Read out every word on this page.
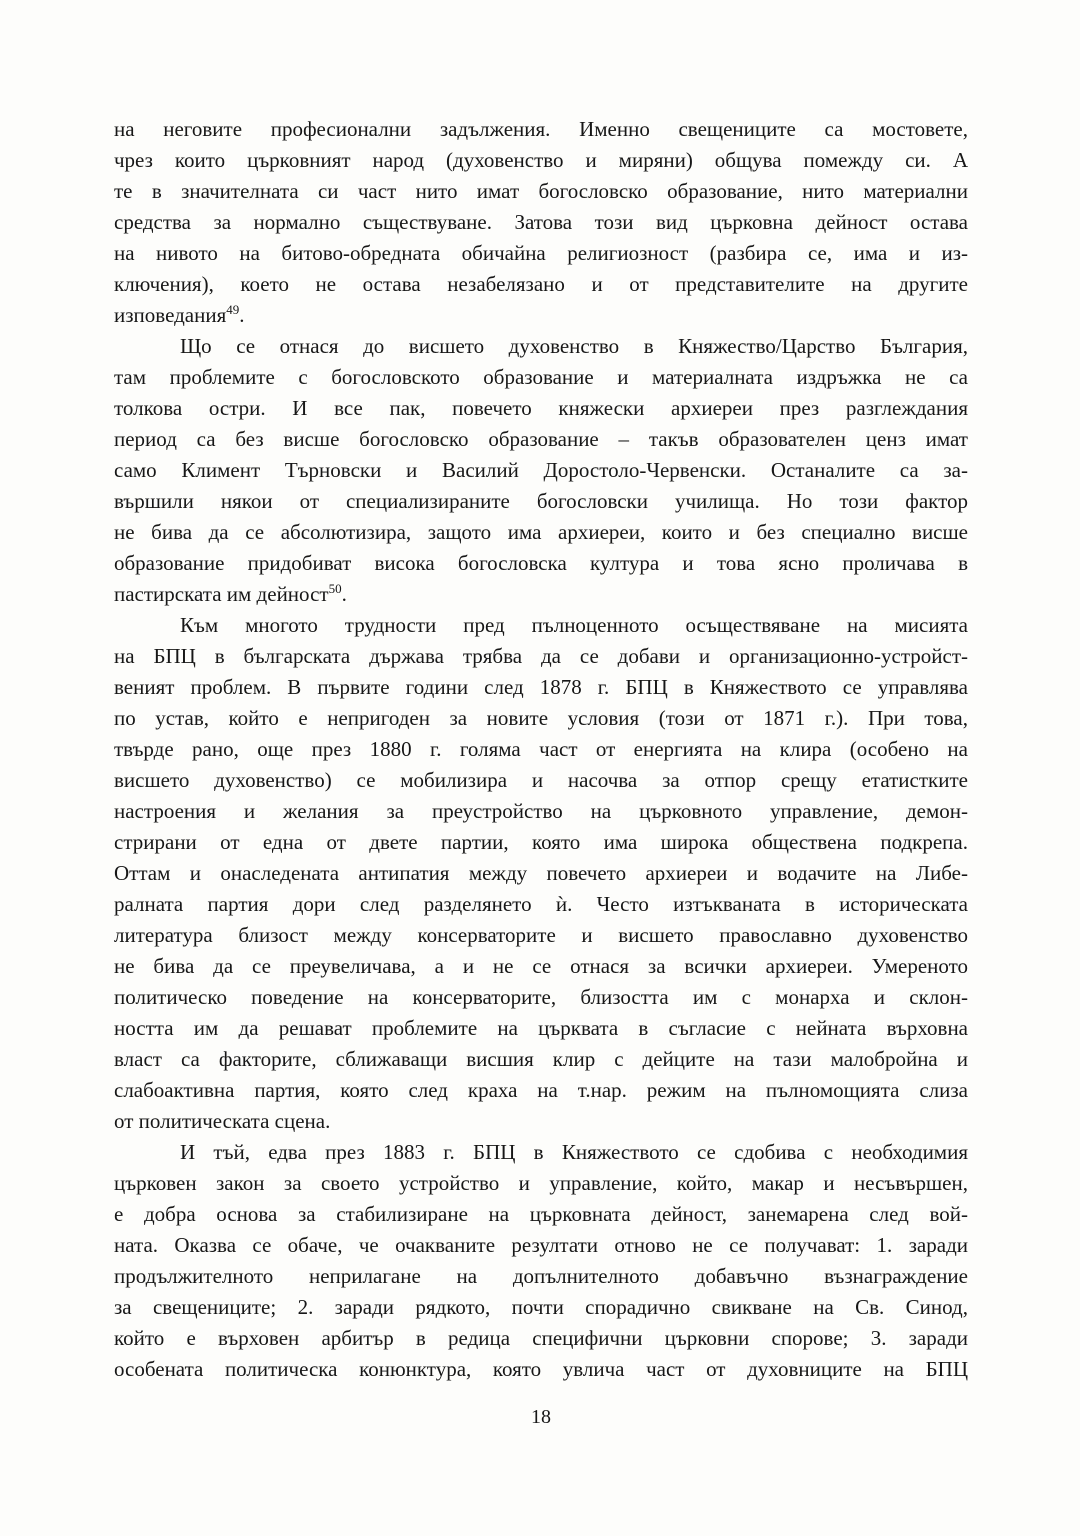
на неговите професионални задължения. Именно свещениците са мостовете,
чрез които църковният народ (духовенство и миряни) общува помежду си. А
те в значителната си част нито имат богословско образование, нито материални
средства за нормално съществуване. Затова този вид църковна дейност остава
на нивото на битово-обредната обичайна религиозност (разбира се, има и из-
ключения), което не остава незабелязано и от представителите на другите
изповедания$^{49}$.
Що се отнася до висшето духовенство в Княжество/Царство България,
там проблемите с богословското образование и материалната издръжка не са
толкова остри. И все пак, повечето княжески архиереи през разглеждания
период са без висше богословско образование – такъв образователен ценз имат
само Климент Търновски и Василий Доростоло-Червенски. Останалите са за-
вършили някои от специализираните богословски училища. Но този фактор
не бива да се абсолютизира, защото има архиереи, които и без специално висше
образование придобиват висока богословска култура и това ясно проличава в
пастирската им дейност$^{50}$.
Към многото трудности пред пълноценното осъществяване на мисията
на БПЦ в българската държава трябва да се добави и организационно-устройст-
веният проблем. В първите години след 1878 г. БПЦ в Княжеството се управлява
по устав, който е непригоден за новите условия (този от 1871 г.). При това,
твърде рано, още през 1880 г. голяма част от енергията на клира (особено на
висшето духовенство) се мобилизира и насочва за отпор срещу етатистките
настроения и желания за преустройство на църковното управление, демон-
стрирани от една от двете партии, която има широка обществена подкрепа.
Оттам и онаследената антипатия между повечето архиереи и водачите на Либе-
ралната партия дори след разделянето ѝ. Често изтъкваната в историческата
литература близост между консерваторите и висшето православно духовенство
не бива да се преувеличава, а и не се отнася за всички архиереи. Умереното
политическо поведение на консерваторите, близостта им с монарха и склон-
ността им да решават проблемите на църквата в съгласие с нейната върховна
власт са факторите, сближаващи висшия клир с дейците на тази малобройна и
слабоактивна партия, която след краха на т.нар. режим на пълномощията слиза
от политическата сцена.
И тъй, едва през 1883 г. БПЦ в Княжеството се сдобива с необходимия
църковен закон за своето устройство и управление, който, макар и несъвършен,
е добра основа за стабилизиране на църковната дейност, занемарена след вой-
ната. Оказва се обаче, че очакваните резултати отново не се получават: 1. заради
продължителното неприлагане на допълнителното добавъчно възнаграждение
за свещениците; 2. заради рядкото, почти спорадично свикване на Св. Синод,
който е върховен арбитър в редица специфични църковни спорове; 3. заради
особената политическа конюнктура, която увлича част от духовниците на БПЦ
18
